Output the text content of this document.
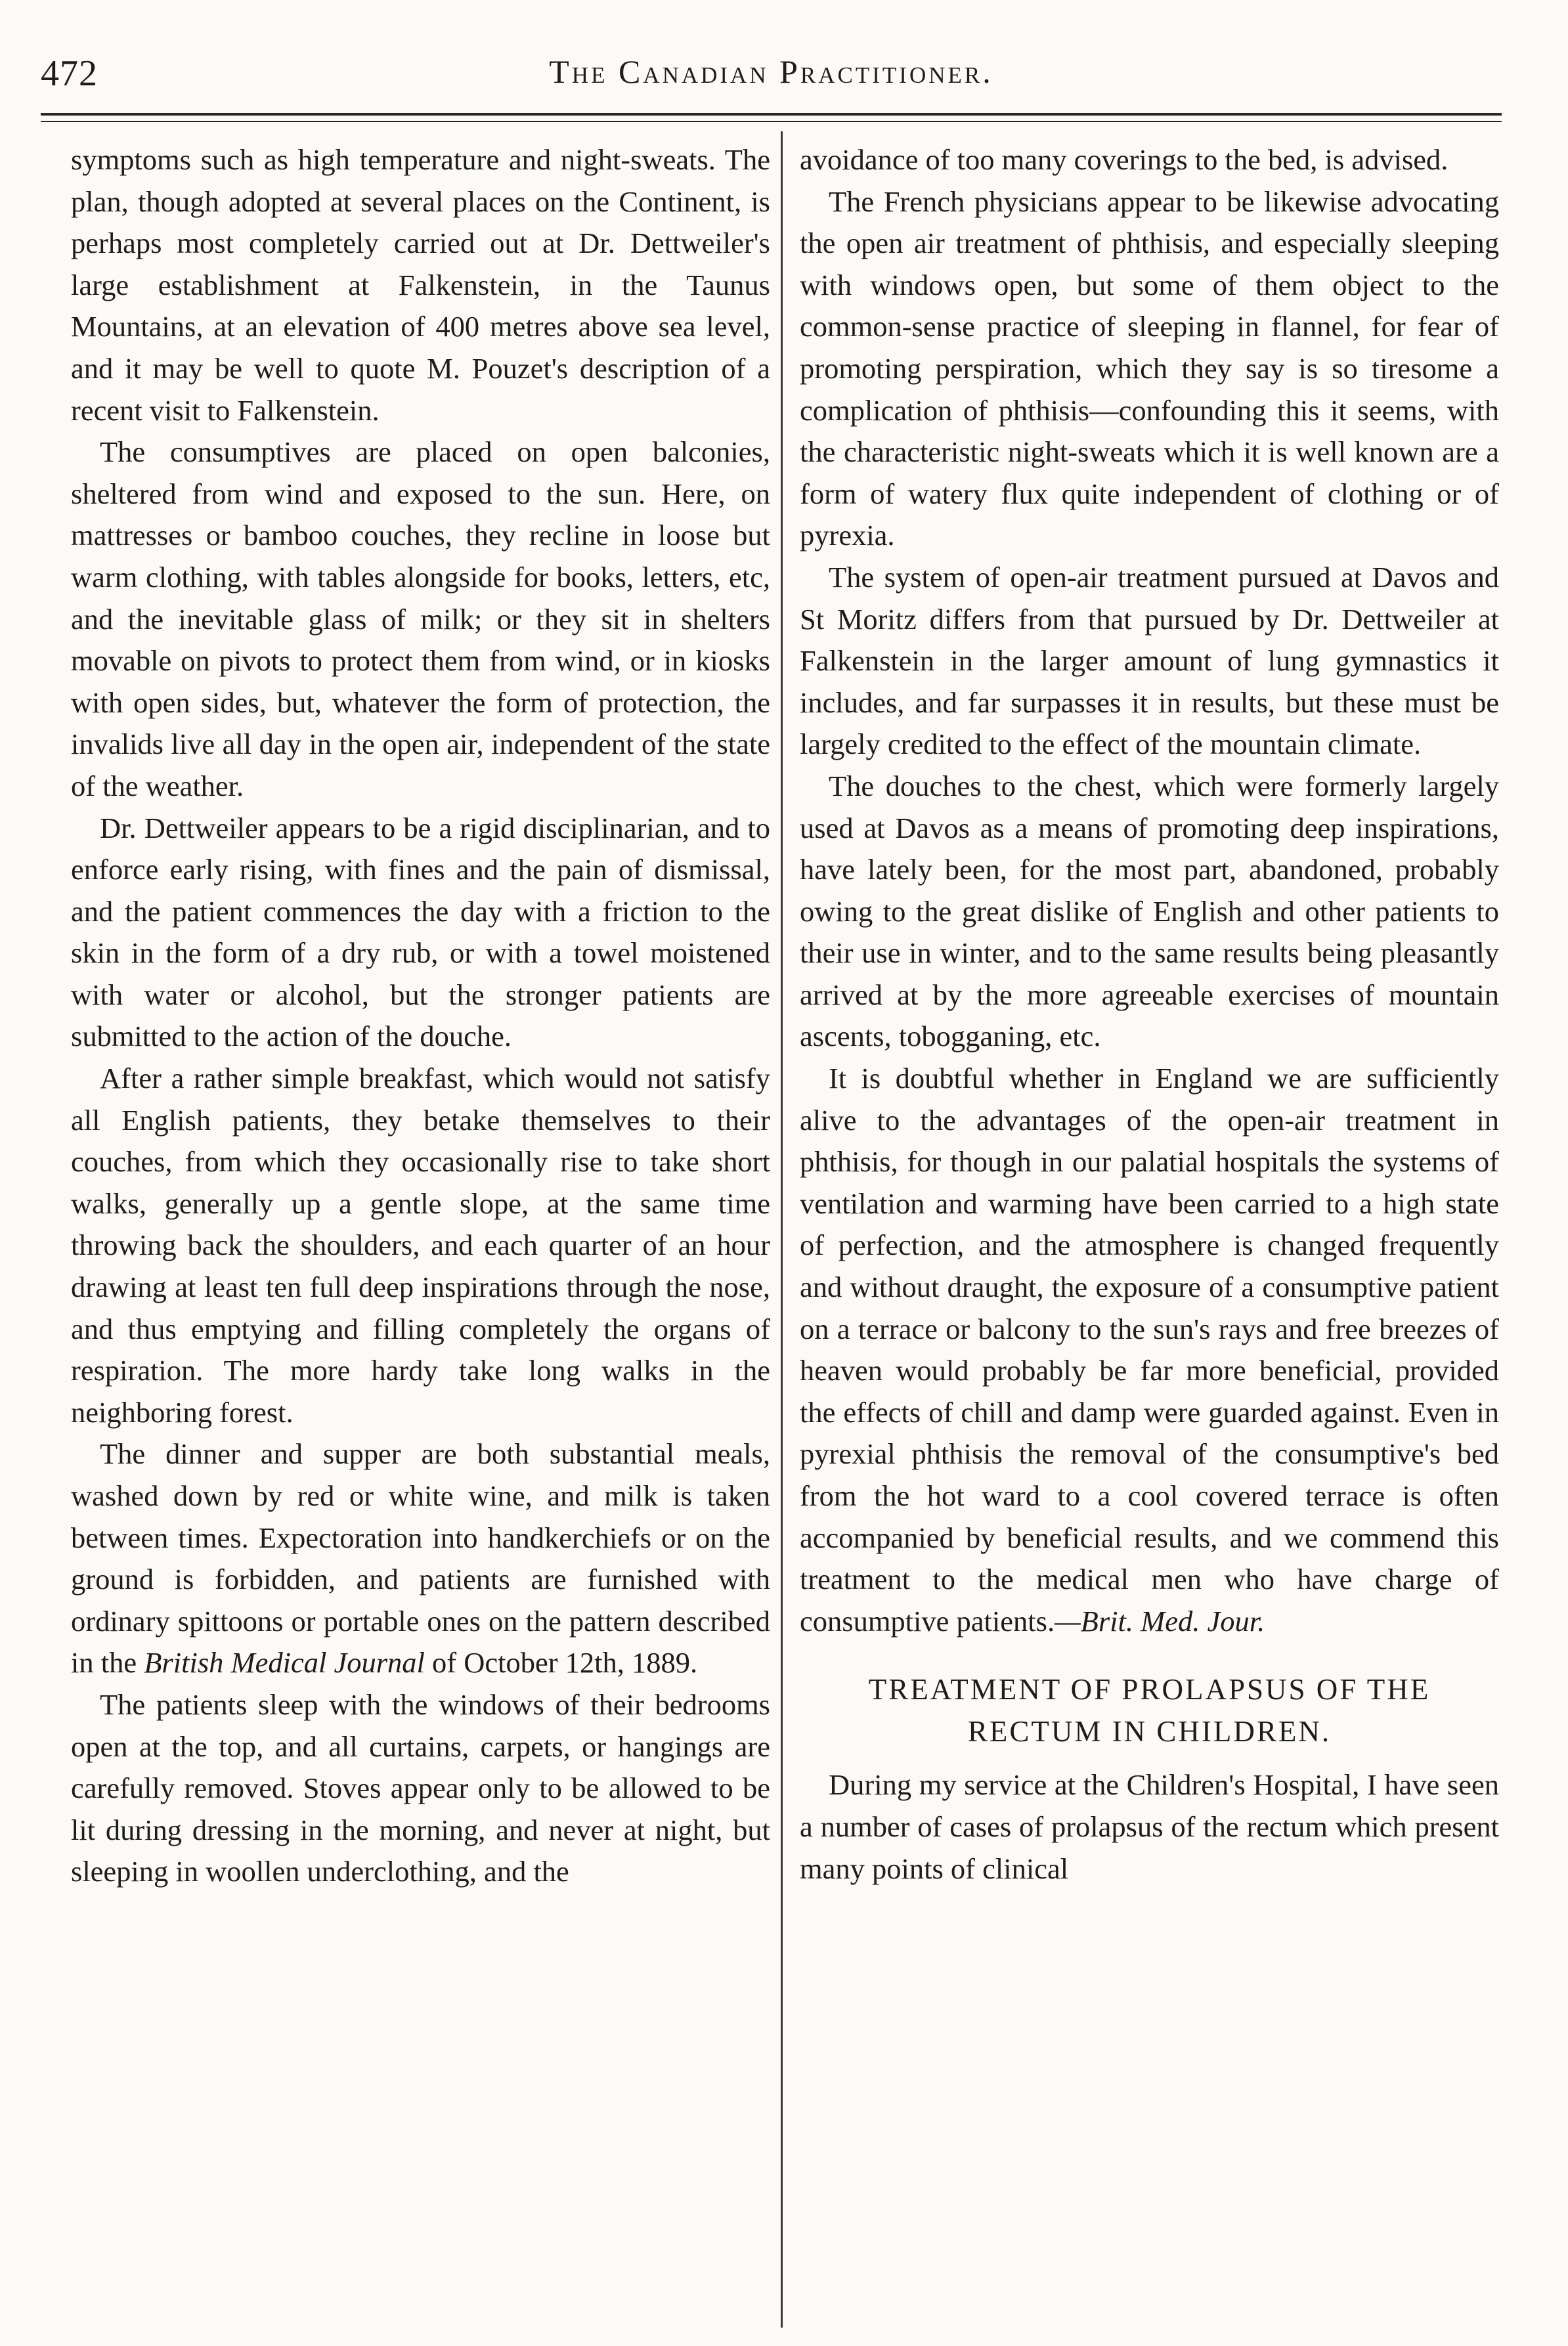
472	The Canadian Practitioner.

symptoms such as high temperature and night-sweats. The plan, though adopted at several places on the Continent, is perhaps most completely carried out at Dr. Dettweiler's large establishment at Falkenstein, in the Taunus Mountains, at an elevation of 400 metres above sea level, and it may be well to quote M. Pouzet's description of a recent visit to Falkenstein.

The consumptives are placed on open balconies, sheltered from wind and exposed to the sun. Here, on mattresses or bamboo couches, they recline in loose but warm clothing, with tables alongside for books, letters, etc, and the inevitable glass of milk; or they sit in shelters movable on pivots to protect them from wind, or in kiosks with open sides, but, whatever the form of protection, the invalids live all day in the open air, independent of the state of the weather.

Dr. Dettweiler appears to be a rigid disciplinarian, and to enforce early rising, with fines and the pain of dismissal, and the patient commences the day with a friction to the skin in the form of a dry rub, or with a towel moistened with water or alcohol, but the stronger patients are submitted to the action of the douche.

After a rather simple breakfast, which would not satisfy all English patients, they betake themselves to their couches, from which they occasionally rise to take short walks, generally up a gentle slope, at the same time throwing back the shoulders, and each quarter of an hour drawing at least ten full deep inspirations through the nose, and thus emptying and filling completely the organs of respiration. The more hardy take long walks in the neighboring forest.

The dinner and supper are both substantial meals, washed down by red or white wine, and milk is taken between times. Expectoration into handkerchiefs or on the ground is forbidden, and patients are furnished with ordinary spittoons or portable ones on the pattern described in the British Medical Journal of October 12th, 1889.

The patients sleep with the windows of their bedrooms open at the top, and all curtains, carpets, or hangings are carefully removed. Stoves appear only to be allowed to be lit during dressing in the morning, and never at night, but sleeping in woollen underclothing, and the

avoidance of too many coverings to the bed, is advised.

The French physicians appear to be likewise advocating the open air treatment of phthisis, and especially sleeping with windows open, but some of them object to the common-sense practice of sleeping in flannel, for fear of promoting perspiration, which they say is so tiresome a complication of phthisis—confounding this it seems, with the characteristic night-sweats which it is well known are a form of watery flux quite independent of clothing or of pyrexia.

The system of open-air treatment pursued at Davos and St Moritz differs from that pursued by Dr. Dettweiler at Falkenstein in the larger amount of lung gymnastics it includes, and far surpasses it in results, but these must be largely credited to the effect of the mountain climate.

The douches to the chest, which were formerly largely used at Davos as a means of promoting deep inspirations, have lately been, for the most part, abandoned, probably owing to the great dislike of English and other patients to their use in winter, and to the same results being pleasantly arrived at by the more agreeable exercises of mountain ascents, tobogganing, etc.

It is doubtful whether in England we are sufficiently alive to the advantages of the open-air treatment in phthisis, for though in our palatial hospitals the systems of ventilation and warming have been carried to a high state of perfection, and the atmosphere is changed frequently and without draught, the exposure of a consumptive patient on a terrace or balcony to the sun's rays and free breezes of heaven would probably be far more beneficial, provided the effects of chill and damp were guarded against. Even in pyrexial phthisis the removal of the consumptive's bed from the hot ward to a cool covered terrace is often accompanied by beneficial results, and we commend this treatment to the medical men who have charge of consumptive patients.—Brit. Med. Jour.

TREATMENT OF PROLAPSUS OF THE
RECTUM IN CHILDREN.

During my service at the Children's Hospital, I have seen a number of cases of prolapsus of the rectum which present many points of clinical
